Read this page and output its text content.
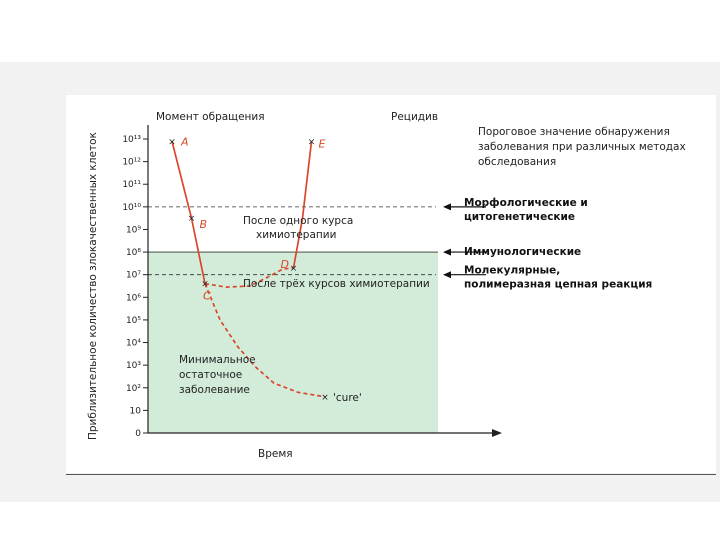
Морфологические и цитогенетические
Иммунологические
Молекулярные, полимеразная цепная реакция
10¹³
10¹²
10¹¹
10¹⁰
10⁹
10⁸
10⁷
10⁶
10⁵
10⁴
10³
10²
10
0
× A
× B
×
C
×
D
× E
× 'cure'
Приблизительное количество злокачественных клеток
Время
Момент обращения	Рецидив
Пороговое значение обнаружения заболевания при различных методах обследования
После одного курса химиотерапии
После трёх курсов химиотерапии
Минимальное остаточное заболевание
